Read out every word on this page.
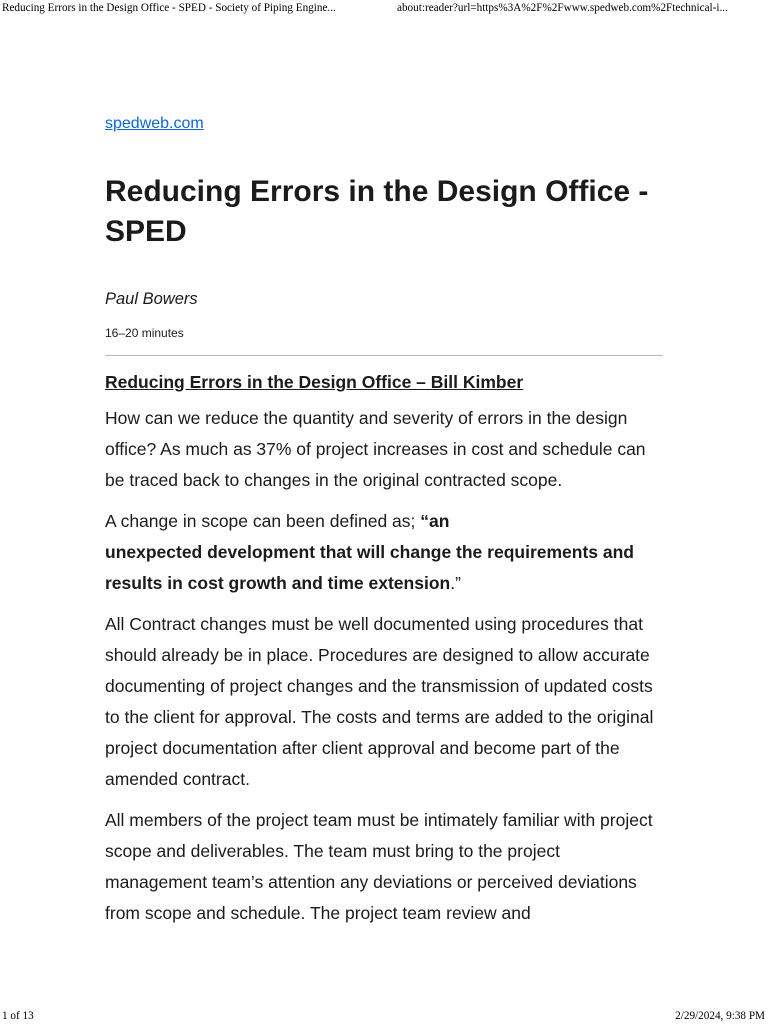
Reducing Errors in the Design Office - SPED - Society of Piping Engine...	about:reader?url=https%3A%2F%2Fwww.spedweb.com%2Ftechnical-i...
spedweb.com
Reducing Errors in the Design Office - SPED
Paul Bowers
16–20 minutes
Reducing Errors in the Design Office – Bill Kimber

How can we reduce the quantity and severity of errors in the design office? As much as 37% of project increases in cost and schedule can be traced back to changes in the original contracted scope.

A change in scope can been defined as; “an
unexpected development that will change the requirements and results in cost growth and time extension.”

All Contract changes must be well documented using procedures that should already be in place. Procedures are designed to allow accurate documenting of project changes and the transmission of updated costs to the client for approval. The costs and terms are added to the original project documentation after client approval and become part of the amended contract.

All members of the project team must be intimately familiar with project scope and deliverables. The team must bring to the project management team’s attention any deviations or perceived deviations from scope and schedule. The project team review and

1 of 13	2/29/2024, 9:38 PM
